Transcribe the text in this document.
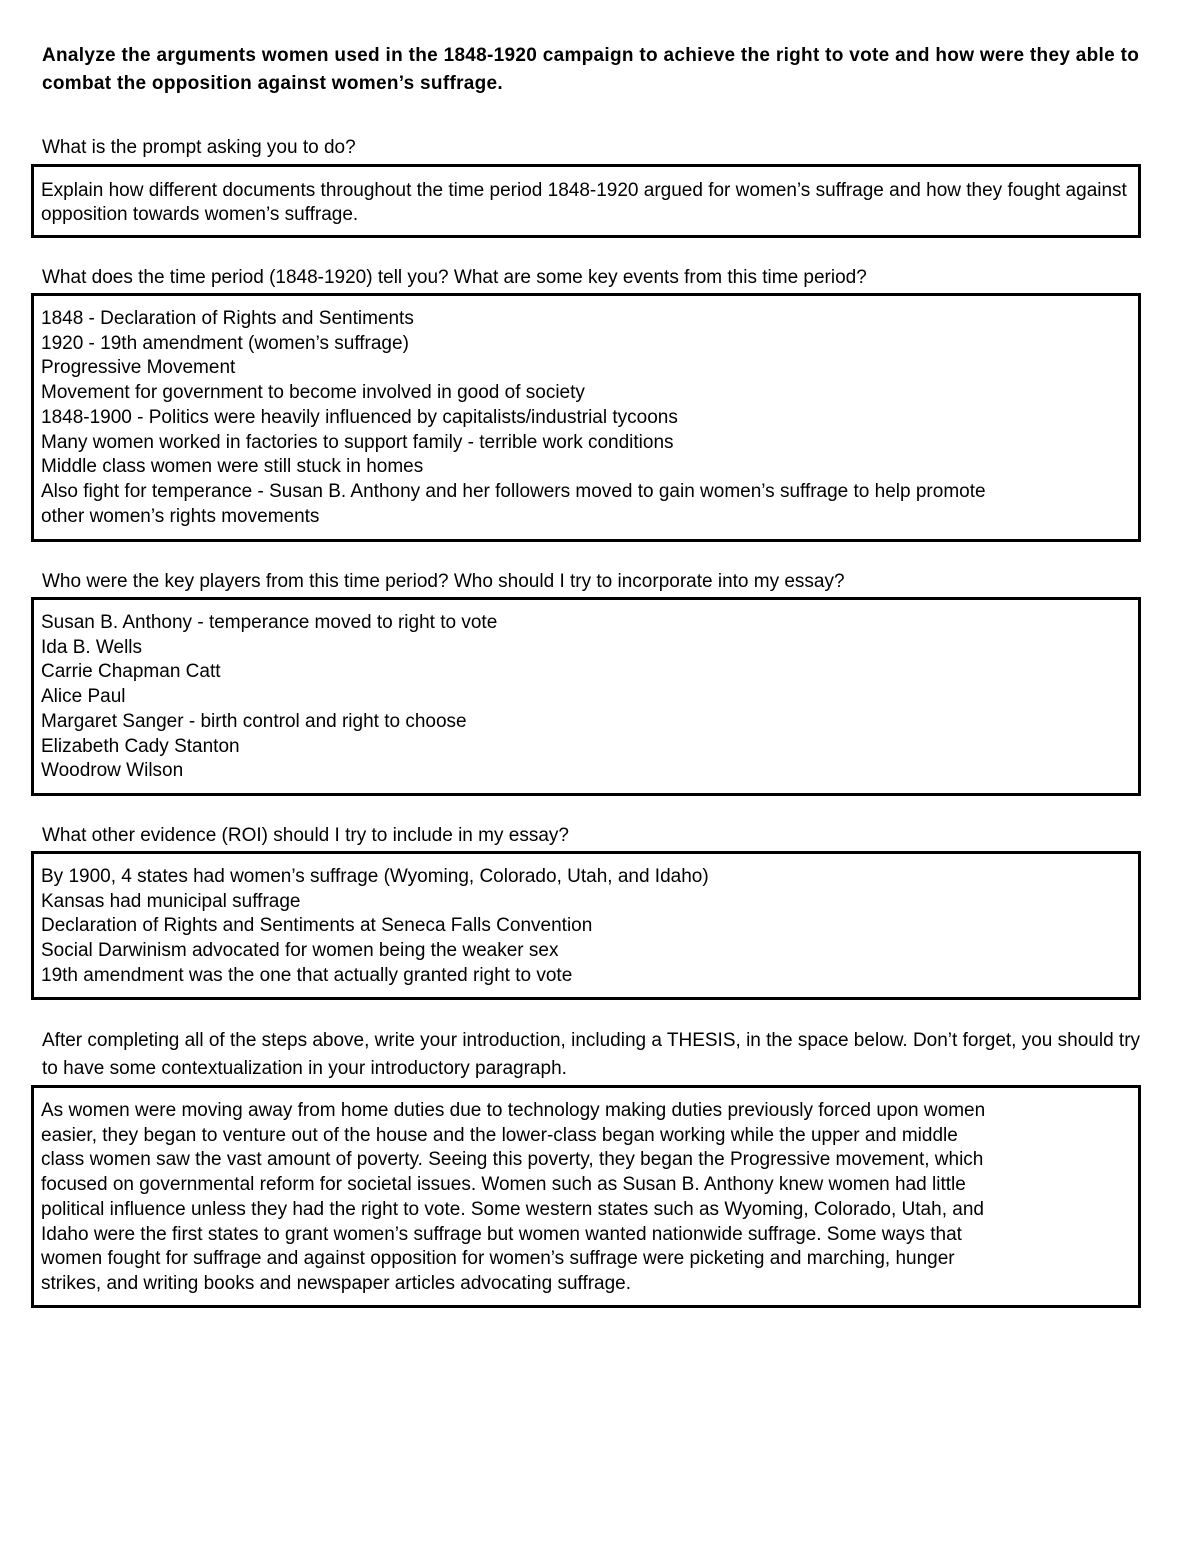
Analyze the arguments women used in the 1848-1920 campaign to achieve the right to vote and how were they able to combat the opposition against women’s suffrage.
What is the prompt asking you to do?
Explain how different documents throughout the time period 1848-1920 argued for women’s suffrage and how they fought against opposition towards women’s suffrage.
What does the time period (1848-1920) tell you? What are some key events from this time period?
1848 - Declaration of Rights and Sentiments
1920 - 19th amendment (women’s suffrage)
Progressive Movement
Movement for government to become involved in good of society
1848-1900 - Politics were heavily influenced by capitalists/industrial tycoons
Many women worked in factories to support family - terrible work conditions
Middle class women were still stuck in homes
Also fight for temperance - Susan B. Anthony and her followers moved to gain women’s suffrage to help promote
other women’s rights movements
Who were the key players from this time period? Who should I try to incorporate into my essay?
Susan B. Anthony - temperance moved to right to vote
Ida B. Wells
Carrie Chapman Catt
Alice Paul
Margaret Sanger - birth control and right to choose
Elizabeth Cady Stanton
Woodrow Wilson
What other evidence (ROI) should I try to include in my essay?
By 1900, 4 states had women’s suffrage (Wyoming, Colorado, Utah, and Idaho)
Kansas had municipal suffrage
Declaration of Rights and Sentiments at Seneca Falls Convention
Social Darwinism advocated for women being the weaker sex
19th amendment was the one that actually granted right to vote
After completing all of the steps above, write your introduction, including a THESIS, in the space below. Don’t forget, you should try to have some contextualization in your introductory paragraph.
As women were moving away from home duties due to technology making duties previously forced upon women
easier, they began to venture out of the house and the lower-class began working while the upper and middle
class women saw the vast amount of poverty. Seeing this poverty, they began the Progressive movement, which
focused on governmental reform for societal issues. Women such as Susan B. Anthony knew women had little
political influence unless they had the right to vote. Some western states such as Wyoming, Colorado, Utah, and
Idaho were the first states to grant women’s suffrage but women wanted nationwide suffrage. Some ways that
women fought for suffrage and against opposition for women’s suffrage were picketing and marching, hunger
strikes, and writing books and newspaper articles advocating suffrage.
